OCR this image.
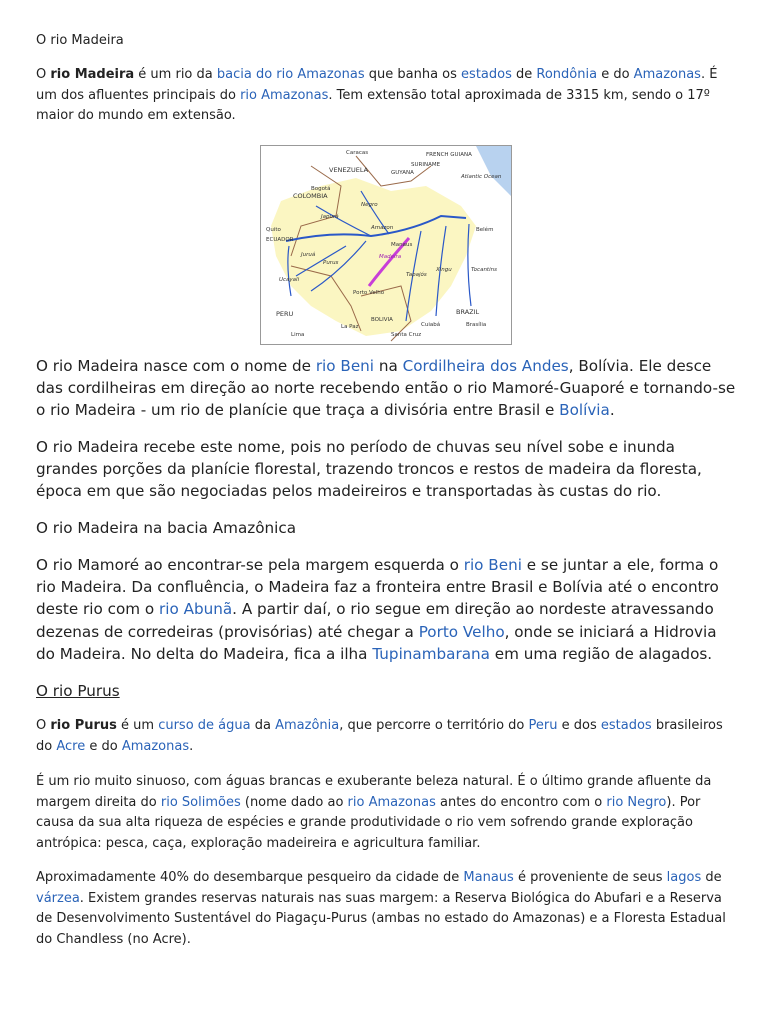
O rio Madeira

O rio Madeira é um rio da bacia do rio Amazonas que banha os estados de Rondônia e do Amazonas. É um dos afluentes principais do rio Amazonas. Tem extensão total aproximada de 3315 km, sendo o 17º maior do mundo em extensão.

VENEZUELA	GUYANA
SURINAME
FRENCH GUIANA
Atlantic Ocean
COLOMBIA
Bogotá
Quito
ECUADOR
PERU
Lima
BRAZIL
BOLIVIA
La Paz
Santa Cruz
Manaus
Belém
Amazon
Madeira
Japurá
Negro
Caracas
Tocantins
Xingu
Tapajós
Purus
Juruá
Ucayali
Brasília
Cuiabá
Porto Velho

O rio Madeira nasce com o nome de rio Beni na Cordilheira dos Andes, Bolívia. Ele desce das cordilheiras em direção ao norte recebendo então o rio Mamoré-Guaporé e tornando-se o rio Madeira - um rio de planície que traça a divisória entre Brasil e Bolívia.

O rio Madeira recebe este nome, pois no período de chuvas seu nível sobe e inunda grandes porções da planície florestal, trazendo troncos e restos de madeira da floresta, época em que são negociadas pelos madeireiros e transportadas às custas do rio.

O rio Madeira na bacia Amazônica

O rio Mamoré ao encontrar-se pela margem esquerda o rio Beni e se juntar a ele, forma o rio Madeira. Da confluência, o Madeira faz a fronteira entre Brasil e Bolívia até o encontro deste rio com o rio Abunã. A partir daí, o rio segue em direção ao nordeste atravessando dezenas de corredeiras (provisórias) até chegar a Porto Velho, onde se iniciará a Hidrovia do Madeira. No delta do Madeira, fica a ilha Tupinambarana em uma região de alagados.

O rio Purus

O rio Purus é um curso de água da Amazônia, que percorre o território do Peru e dos estados brasileiros do Acre e do Amazonas.

É um rio muito sinuoso, com águas brancas e exuberante beleza natural. É o último grande afluente da margem direita do rio Solimões (nome dado ao rio Amazonas antes do encontro com o rio Negro). Por causa da sua alta riqueza de espécies e grande produtividade o rio vem sofrendo grande exploração antrópica: pesca, caça, exploração madeireira e agricultura familiar.

Aproximadamente 40% do desembarque pesqueiro da cidade de Manaus é proveniente de seus lagos de várzea. Existem grandes reservas naturais nas suas margem: a Reserva Biológica do Abufari e a Reserva de Desenvolvimento Sustentável do Piagaçu-Purus (ambas no estado do Amazonas) e a Floresta Estadual do Chandless (no Acre).
